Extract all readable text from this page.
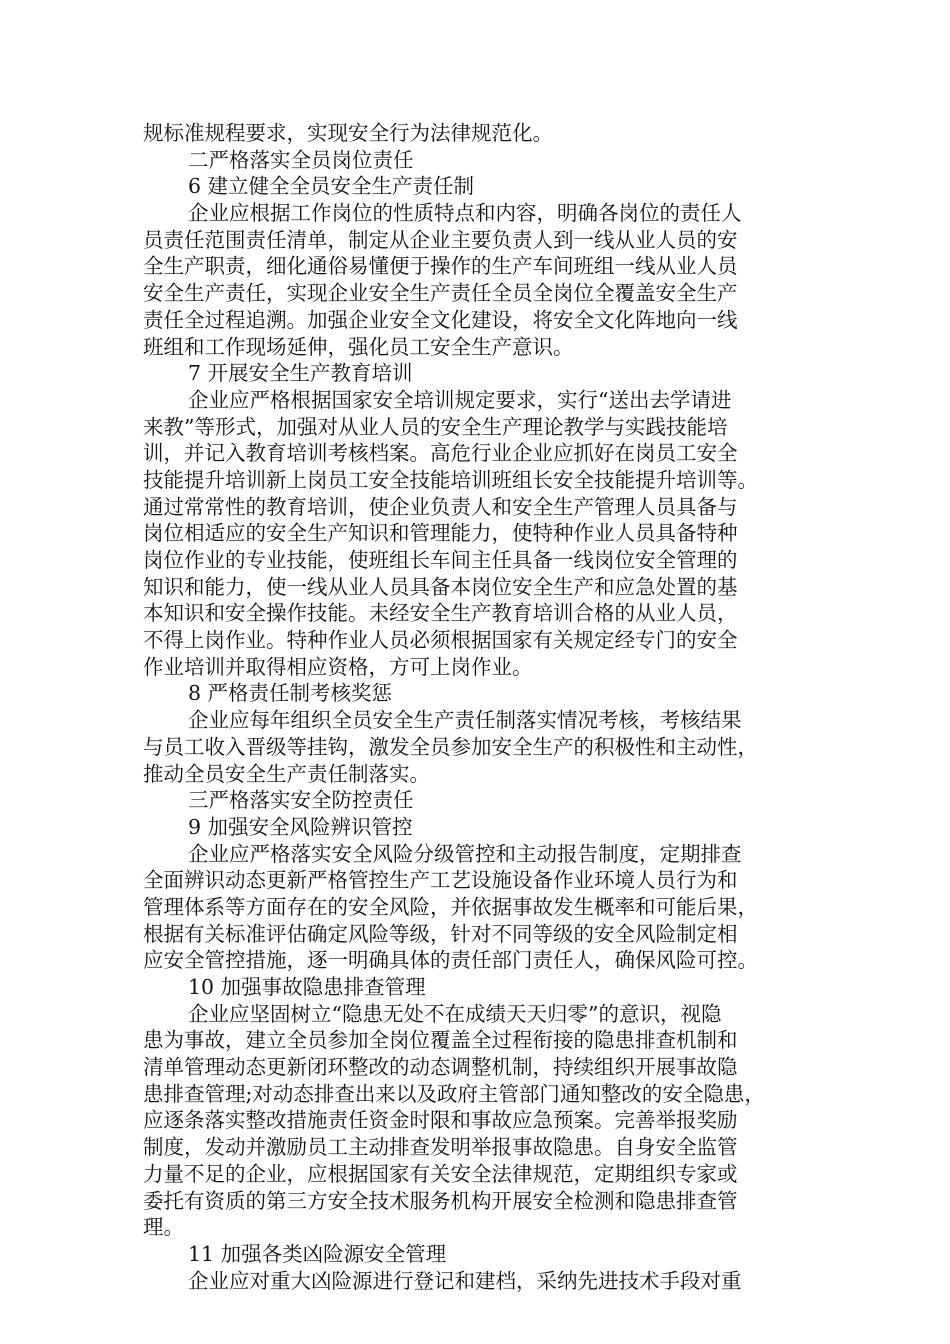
规标准规程要求，实现安全行为法律规范化。
二严格落实全员岗位责任
6 建立健全全员安全生产责任制
企业应根据工作岗位的性质特点和内容，明确各岗位的责任人
员责任范围责任清单，制定从企业主要负责人到一线从业人员的安
全生产职责，细化通俗易懂便于操作的生产车间班组一线从业人员
安全生产责任，实现企业安全生产责任全员全岗位全覆盖安全生产
责任全过程追溯。加强企业安全文化建设，将安全文化阵地向一线
班组和工作现场延伸，强化员工安全生产意识。
7 开展安全生产教育培训
企业应严格根据国家安全培训规定要求，实行“送出去学请进
来教”等形式，加强对从业人员的安全生产理论教学与实践技能培
训，并记入教育培训考核档案。高危行业企业应抓好在岗员工安全
技能提升培训新上岗员工安全技能培训班组长安全技能提升培训等。
通过常常性的教育培训，使企业负责人和安全生产管理人员具备与
岗位相适应的安全生产知识和管理能力，使特种作业人员具备特种
岗位作业的专业技能，使班组长车间主任具备一线岗位安全管理的
知识和能力，使一线从业人员具备本岗位安全生产和应急处置的基
本知识和安全操作技能。未经安全生产教育培训合格的从业人员，
不得上岗作业。特种作业人员必须根据国家有关规定经专门的安全
作业培训并取得相应资格，方可上岗作业。
8 严格责任制考核奖惩
企业应每年组织全员安全生产责任制落实情况考核，考核结果
与员工收入晋级等挂钩，激发全员参加安全生产的积极性和主动性，
推动全员安全生产责任制落实。
三严格落实安全防控责任
9 加强安全风险辨识管控
企业应严格落实安全风险分级管控和主动报告制度，定期排查
全面辨识动态更新严格管控生产工艺设施设备作业环境人员行为和
管理体系等方面存在的安全风险，并依据事故发生概率和可能后果，
根据有关标准评估确定风险等级，针对不同等级的安全风险制定相
应安全管控措施，逐一明确具体的责任部门责任人，确保风险可控。
10 加强事故隐患排查管理
企业应坚固树立“隐患无处不在成绩天天归零”的意识，视隐
患为事故，建立全员参加全岗位覆盖全过程衔接的隐患排查机制和
清单管理动态更新闭环整改的动态调整机制，持续组织开展事故隐
患排查管理;对动态排查出来以及政府主管部门通知整改的安全隐患，
应逐条落实整改措施责任资金时限和事故应急预案。完善举报奖励
制度，发动并激励员工主动排查发明举报事故隐患。自身安全监管
力量不足的企业，应根据国家有关安全法律规范，定期组织专家或
委托有资质的第三方安全技术服务机构开展安全检测和隐患排查管
理。
11 加强各类凶险源安全管理
企业应对重大凶险源进行登记和建档，采纳先进技术手段对重
